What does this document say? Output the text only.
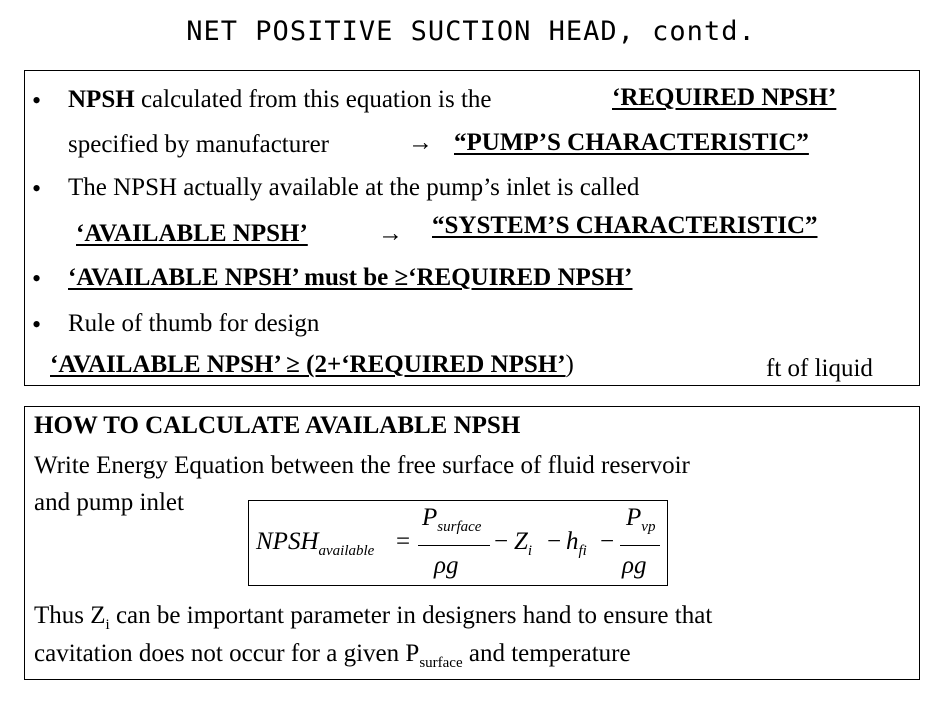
NET POSITIVE SUCTION HEAD, contd.
• NPSH calculated from this equation is the	‘REQUIRED NPSH’
specified by manufacturer	→ “PUMP’S CHARACTERISTIC”
• The NPSH actually available at the pump’s inlet is called
‘AVAILABLE NPSH’	→ “SYSTEM’S CHARACTERISTIC”
• ‘AVAILABLE NPSH’ must be ≥‘REQUIRED NPSH’
• Rule of thumb for design
‘AVAILABLE NPSH’ ≥ (2+‘REQUIRED NPSH’)	ft of liquid
HOW TO CALCULATE AVAILABLE NPSH
Write Energy Equation between the free surface of fluid reservoir
and pump inlet
$NPSH_{available}$ =
$P_{surface}$
ρg
− $Z_i - h_{fi}$ −
$P_{vp}$
ρg
Thus $Z_i$ can be important parameter in designers hand to ensure that
cavitation does not occur for a given $P_{surface}$ and temperature
